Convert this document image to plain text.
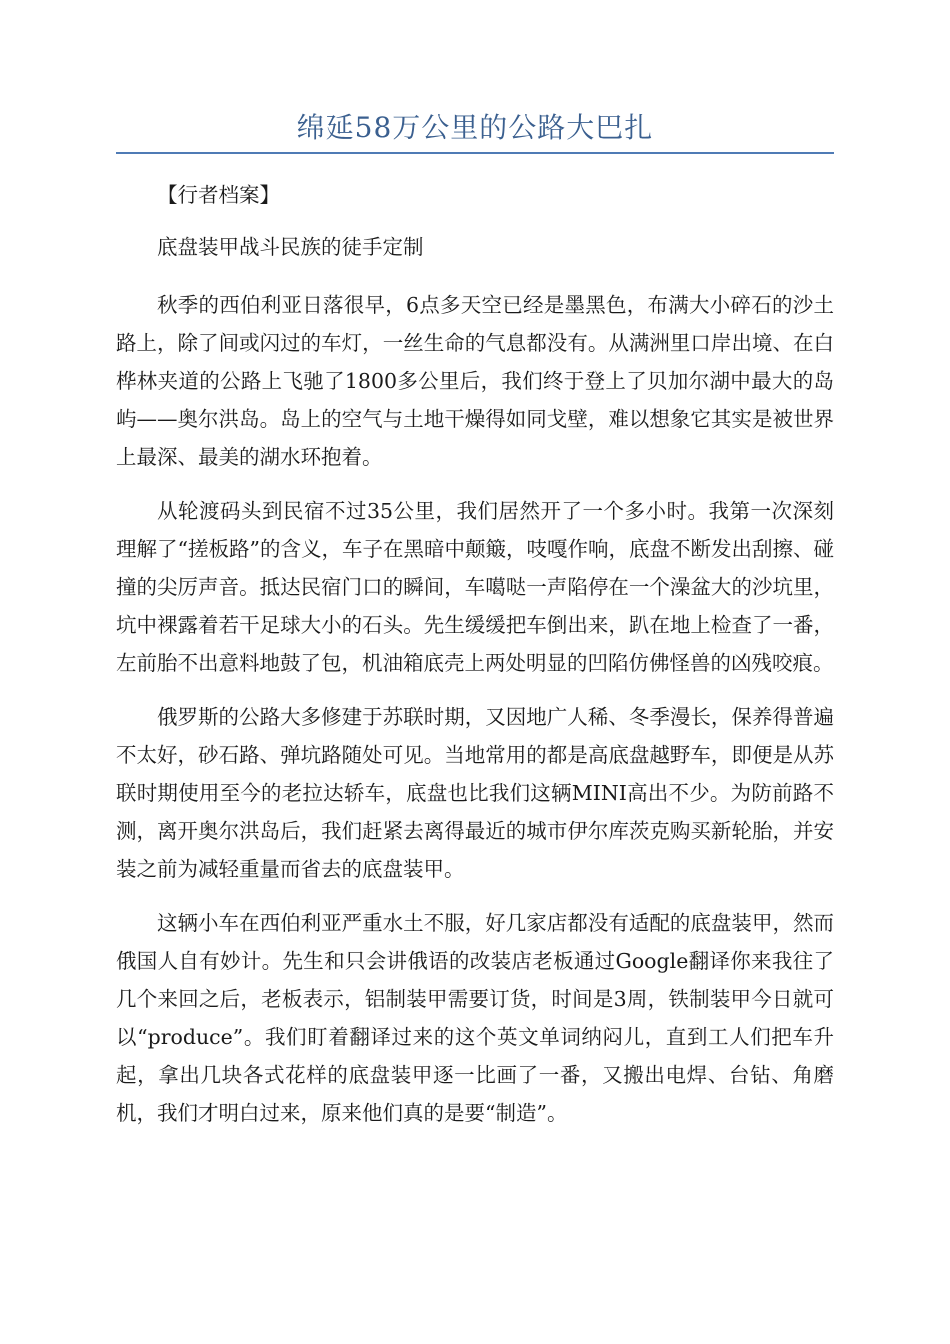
绵延58万公里的公路大巴扎

【行者档案】

底盘装甲战斗民族的徒手定制

秋季的西伯利亚日落很早，6点多天空已经是墨黑色，布满大小碎石的沙土路上，除了间或闪过的车灯，一丝生命的气息都没有。从满洲里口岸出境、在白桦林夹道的公路上飞驰了1800多公里后，我们终于登上了贝加尔湖中最大的岛屿——奥尔洪岛。岛上的空气与土地干燥得如同戈壁，难以想象它其实是被世界上最深、最美的湖水环抱着。

从轮渡码头到民宿不过35公里，我们居然开了一个多小时。我第一次深刻理解了“搓板路”的含义，车子在黑暗中颠簸，吱嘎作响，底盘不断发出刮擦、碰撞的尖厉声音。抵达民宿门口的瞬间，车噶哒一声陷停在一个澡盆大的沙坑里，坑中裸露着若干足球大小的石头。先生缓缓把车倒出来，趴在地上检查了一番，左前胎不出意料地鼓了包，机油箱底壳上两处明显的凹陷仿佛怪兽的凶残咬痕。

俄罗斯的公路大多修建于苏联时期，又因地广人稀、冬季漫长，保养得普遍不太好，砂石路、弹坑路随处可见。当地常用的都是高底盘越野车，即便是从苏联时期使用至今的老拉达轿车，底盘也比我们这辆MINI高出不少。为防前路不测，离开奥尔洪岛后，我们赶紧去离得最近的城市伊尔库茨克购买新轮胎，并安装之前为减轻重量而省去的底盘装甲。

这辆小车在西伯利亚严重水土不服，好几家店都没有适配的底盘装甲，然而俄国人自有妙计。先生和只会讲俄语的改装店老板通过Google翻译你来我往了几个来回之后，老板表示，铝制装甲需要订货，时间是3周，铁制装甲今日就可以“produce”。我们盯着翻译过来的这个英文单词纳闷儿，直到工人们把车升起，拿出几块各式花样的底盘装甲逐一比画了一番，又搬出电焊、台钻、角磨机，我们才明白过来，原来他们真的是要“制造”。
